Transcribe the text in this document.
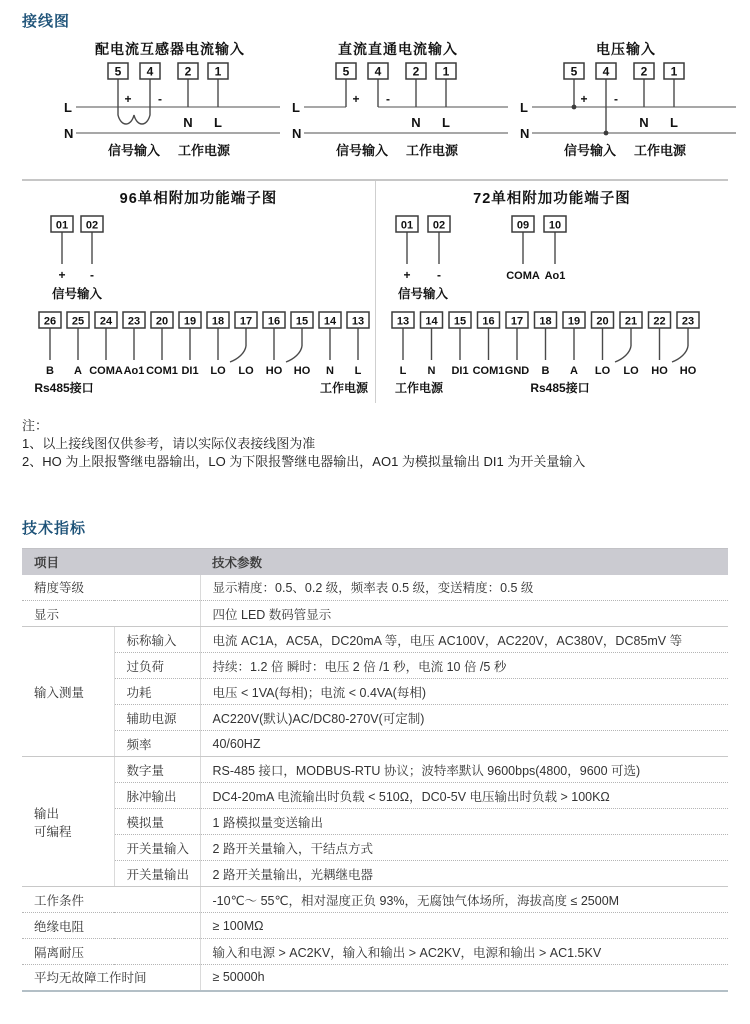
接线图
配电流互感器电流输入
5 4	2 1
+ -
L
N
N L
信号输入 工作电源
直流直通电流输入
5 4	2 1
+ -
L
N
N L
信号输入 工作电源
电压输入
5 4	2 1
+ -
L
N
N L
信号输入 工作电源
96单相附加功能端子图
01 02
+ -
信号输入
26 25 24 23 20 19 18 17 16 15 14 13
B A COMA Ao1 COM1 DI1 LO LO HO HO N L
Rs485接口	工作电源
72单相附加功能端子图
01 02	09 10
+ -	COMA Ao1
信号输入
13 14 15 16 17 18 19 20 21 22 23
L N DI1 COM1 GND B A LO LO HO HO
工作电源	Rs485接口
注：
1、以上接线图仅供参考，请以实际仪表接线图为准
2、HO 为上限报警继电器输出，LO 为下限报警继电器输出，AO1 为模拟量输出 DI1 为开关量输入
技术指标
项目		技术参数
精度等级		显示精度：0.5、0.2 级，频率表 0.5 级，变送精度：0.5 级
显示		四位 LED 数码管显示
输入测量	标称输入	电流 AC1A，AC5A，DC20mA 等，电压 AC100V，AC220V，AC380V，DC85mV 等
	过负荷	持续：1.2 倍 瞬时：电压 2 倍 /1 秒，电流 10 倍 /5 秒
	功耗	电压 < 1VA(每相)；电流 < 0.4VA(每相)
	辅助电源	AC220V(默认)AC/DC80-270V(可定制)
	频率	40/60HZ

输出
可编程	数字量	RS-485 接口，MODBUS-RTU 协议；波特率默认 9600bps(4800，9600 可选)
	脉冲输出	DC4-20mA 电流输出时负载 < 510Ω，DC0-5V 电压输出时负载 > 100KΩ
	模拟量	1 路模拟量变送输出
	开关量输入	2 路开关量输入，干结点方式
	开关量输出	2 路开关量输出，光耦继电器
工作条件		-10℃～ 55℃，相对湿度正负 93%，无腐蚀气体场所，海拔高度 ≤ 2500M
绝缘电阻		≥ 100MΩ
隔离耐压		输入和电源 > AC2KV，输入和输出 > AC2KV，电源和输出 > AC1.5KV
平均无故障工作时间		≥ 50000h
